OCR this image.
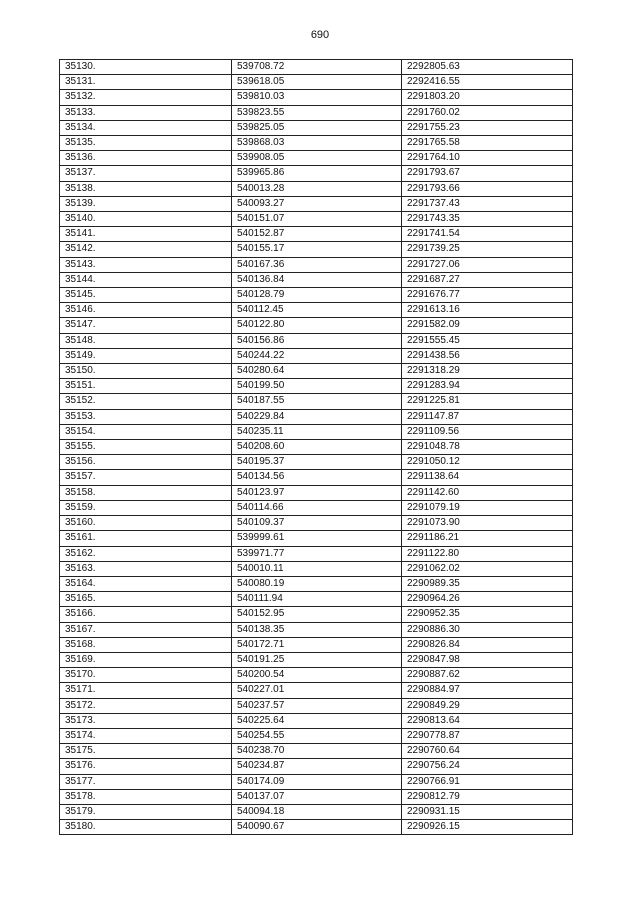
690
35130.	539708.72	2292805.63
35131.	539618.05	2292416.55
35132.	539810.03	2291803.20
35133.	539823.55	2291760.02
35134.	539825.05	2291755.23
35135.	539868.03	2291765.58
35136.	539908.05	2291764.10
35137.	539965.86	2291793.67
35138.	540013.28	2291793.66
35139.	540093.27	2291737.43
35140.	540151.07	2291743.35
35141.	540152.87	2291741.54
35142.	540155.17	2291739.25
35143.	540167.36	2291727.06
35144.	540136.84	2291687.27
35145.	540128.79	2291676.77
35146.	540112.45	2291613.16
35147.	540122.80	2291582.09
35148.	540156.86	2291555.45
35149.	540244.22	2291438.56
35150.	540280.64	2291318.29
35151.	540199.50	2291283.94
35152.	540187.55	2291225.81
35153.	540229.84	2291147.87
35154.	540235.11	2291109.56
35155.	540208.60	2291048.78
35156.	540195.37	2291050.12
35157.	540134.56	2291138.64
35158.	540123.97	2291142.60
35159.	540114.66	2291079.19
35160.	540109.37	2291073.90
35161.	539999.61	2291186.21
35162.	539971.77	2291122.80
35163.	540010.11	2291062.02
35164.	540080.19	2290989.35
35165.	540111.94	2290964.26
35166.	540152.95	2290952.35
35167.	540138.35	2290886.30
35168.	540172.71	2290826.84
35169.	540191.25	2290847.98
35170.	540200.54	2290887.62
35171.	540227.01	2290884.97
35172.	540237.57	2290849.29
35173.	540225.64	2290813.64
35174.	540254.55	2290778.87
35175.	540238.70	2290760.64
35176.	540234.87	2290756.24
35177.	540174.09	2290766.91
35178.	540137.07	2290812.79
35179.	540094.18	2290931.15
35180.	540090.67	2290926.15
